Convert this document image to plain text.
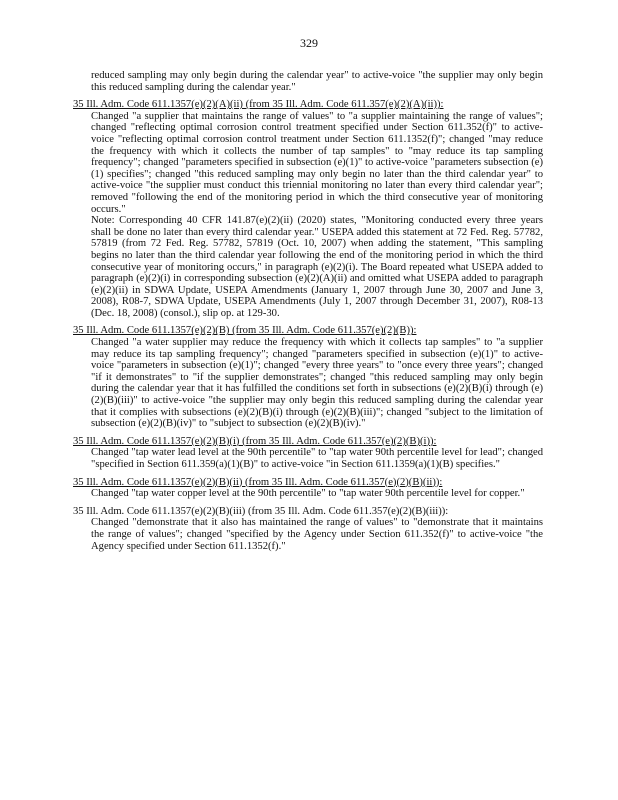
329
reduced sampling may only begin during the calendar year" to active-voice "the supplier may only begin this reduced sampling during the calendar year."
35 Ill. Adm. Code 611.1357(e)(2)(A)(ii) (from 35 Ill. Adm. Code 611.357(e)(2)(A)(ii)):
Changed "a supplier that maintains the range of values" to "a supplier maintaining the range of values"; changed "reflecting optimal corrosion control treatment specified under Section 611.352(f)" to active-voice "reflecting optimal corrosion control treatment under Section 611.1352(f)"; changed "may reduce the frequency with which it collects the number of tap samples" to "may reduce its tap sampling frequency"; changed "parameters specified in subsection (e)(1)" to active-voice "parameters subsection (e)(1) specifies"; changed "this reduced sampling may only begin no later than the third calendar year" to active-voice "the supplier must conduct this triennial monitoring no later than every third calendar year"; removed "following the end of the monitoring period in which the third consecutive year of monitoring occurs."
Note: Corresponding 40 CFR 141.87(e)(2)(ii) (2020) states, "Monitoring conducted every three years shall be done no later than every third calendar year." USEPA added this statement at 72 Fed. Reg. 57782, 57819 (from 72 Fed. Reg. 57782, 57819 (Oct. 10, 2007) when adding the statement, "This sampling begins no later than the third calendar year following the end of the monitoring period in which the third consecutive year of monitoring occurs," in paragraph (e)(2)(i). The Board repeated what USEPA added to paragraph (e)(2)(i) in corresponding subsection (e)(2)(A)(ii) and omitted what USEPA added to paragraph (e)(2)(ii) in SDWA Update, USEPA Amendments (January 1, 2007 through June 30, 2007 and June 3, 2008), R08-7, SDWA Update, USEPA Amendments (July 1, 2007 through December 31, 2007), R08-13 (Dec. 18, 2008) (consol.), slip op. at 129-30.
35 Ill. Adm. Code 611.1357(e)(2)(B) (from 35 Ill. Adm. Code 611.357(e)(2)(B)):
Changed "a water supplier may reduce the frequency with which it collects tap samples" to "a supplier may reduce its tap sampling frequency"; changed "parameters specified in subsection (e)(1)" to active-voice "parameters in subsection (e)(1)"; changed "every three years" to "once every three years"; changed "if it demonstrates" to "if the supplier demonstrates"; changed "this reduced sampling may only begin during the calendar year that it has fulfilled the conditions set forth in subsections (e)(2)(B)(i) through (e)(2)(B)(iii)" to active-voice "the supplier may only begin this reduced sampling during the calendar year that it complies with subsections (e)(2)(B)(i) through (e)(2)(B)(iii)"; changed "subject to the limitation of subsection (e)(2)(B)(iv)" to "subject to subsection (e)(2)(B)(iv)."
35 Ill. Adm. Code 611.1357(e)(2)(B)(i) (from 35 Ill. Adm. Code 611.357(e)(2)(B)(i)):
Changed "tap water lead level at the 90th percentile" to "tap water 90th percentile level for lead"; changed "specified in Section 611.359(a)(1)(B)" to active-voice "in Section 611.1359(a)(1)(B) specifies."
35 Ill. Adm. Code 611.1357(e)(2)(B)(ii) (from 35 Ill. Adm. Code 611.357(e)(2)(B)(ii)):
Changed "tap water copper level at the 90th percentile" to "tap water 90th percentile level for copper."
35 Ill. Adm. Code 611.1357(e)(2)(B)(iii) (from 35 Ill. Adm. Code 611.357(e)(2)(B)(iii)):
Changed "demonstrate that it also has maintained the range of values" to "demonstrate that it maintains the range of values"; changed "specified by the Agency under Section 611.352(f)" to active-voice "the Agency specified under Section 611.1352(f)."
